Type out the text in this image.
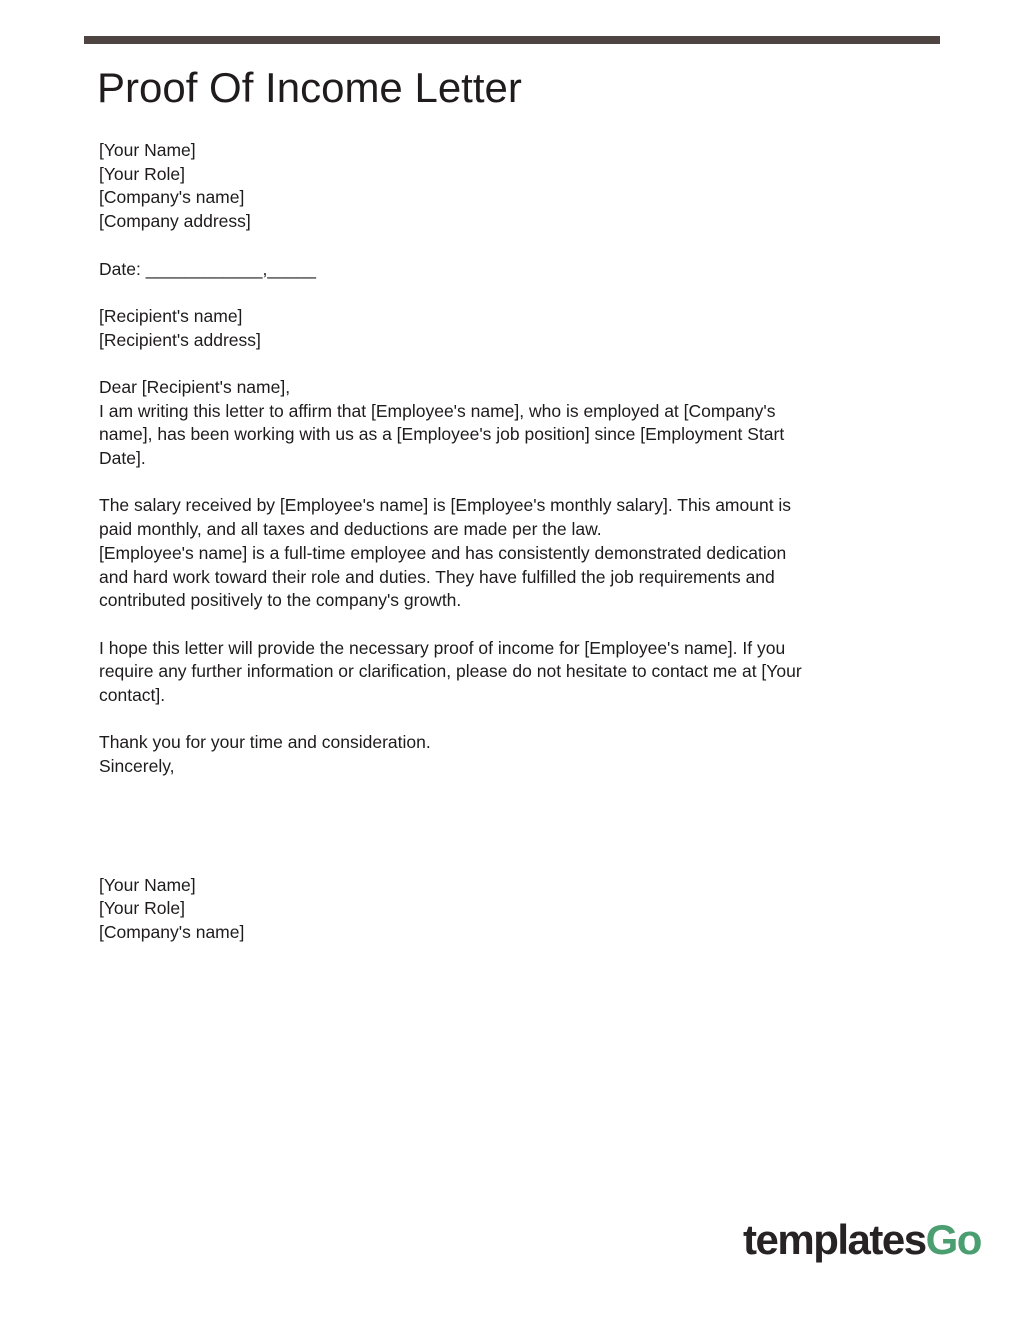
Proof Of Income Letter
[Your Name]
[Your Role]
[Company's name]
[Company address]
Date: ____________,_____
[Recipient's name]
[Recipient's address]
Dear [Recipient's name],
I am writing this letter to affirm that [Employee's name], who is employed at [Company's
name], has been working with us as a [Employee's job position] since [Employment Start
Date].
The salary received by [Employee's name] is [Employee's monthly salary]. This amount is
paid monthly, and all taxes and deductions are made per the law.
[Employee's name] is a full-time employee and has consistently demonstrated dedication
and hard work toward their role and duties. They have fulfilled the job requirements and
contributed positively to the company's growth.
I hope this letter will provide the necessary proof of income for [Employee's name]. If you
require any further information or clarification, please do not hesitate to contact me at [Your
contact].
Thank you for your time and consideration.
Sincerely,
[Your Name]
[Your Role]
[Company's name]
templatesGo
